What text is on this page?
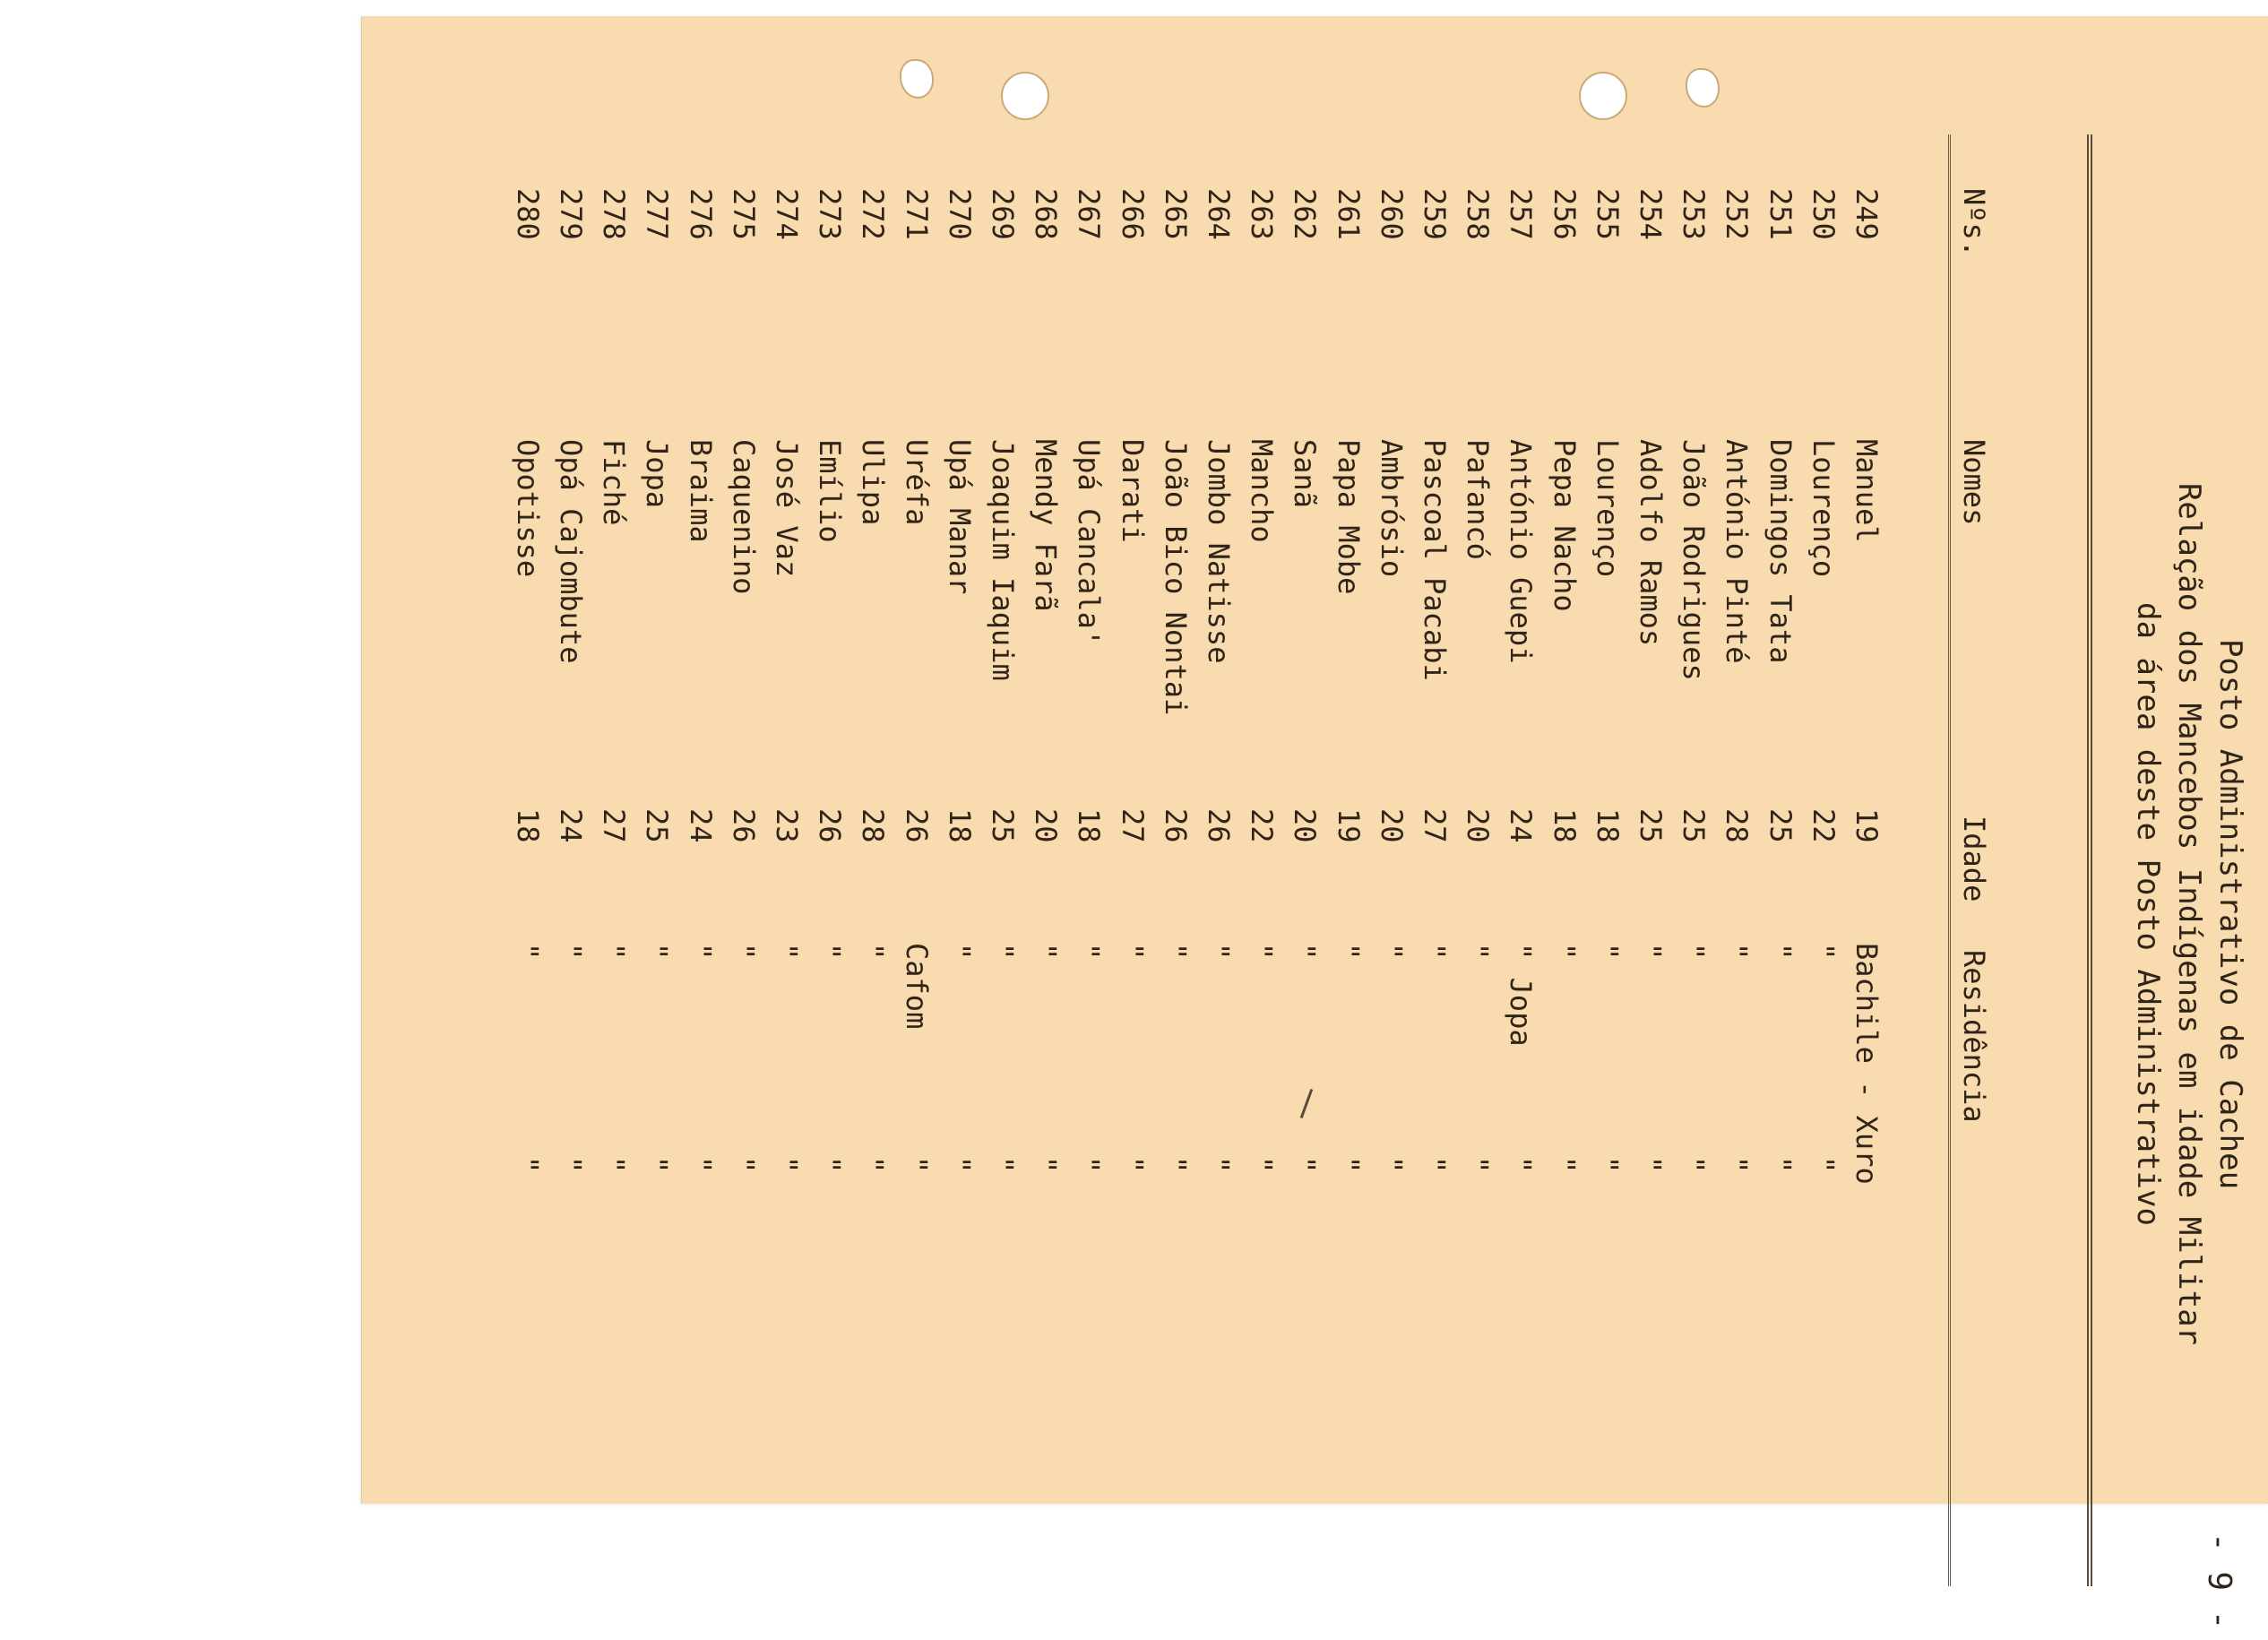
- 9 -
Posto Administrativo de Cacheu
Relação dos Mancebos Indígenas em idade Militar
da área deste Posto Administrativo
Nºs.
Nomes
Idade
Residência
249
Manuel
19
Bachile - Xuro
250
Lourenço
22
"
"
251
Domingos Tata
25
"
"
252
António Pinté
28
"
"
253
João Rodrigues
25
"
"
254
Adolfo Ramos
25
"
"
255
Lourenço
18
"
"
256
Pepa Nacho
18
"
"
257
António Guepi
24
" Jopa
"
258
Pafancó
20
"
"
259
Pascoal Pacabi
27
"
"
260
Ambrósio
20
"
"
261
Papa Mobe
19
"
"
262
Sanã
20
"
"
263
Mancho
22
"
"
264
Jombo Natisse
26
"
"
265
João Bico Nontai
26
"
"
266
Darati
27
"
"
267
Upá Cancala'
18
"
"
268
Mendy Farã
20
"
"
269
Joaquim Iaquim
25
"
"
270
Upá Manar
18
"
"
271
Uréfa
26
Cafom
"
272
Ulipa
28
"
"
273
Emílio
26
"
"
274
José Vaz
23
"
"
275
Caquenino
26
"
"
276
Braima
24
"
"
277
Jopa
25
"
"
278
Fiché
27
"
"
279
Opá Cajombute
24
"
"
280
Opotisse
18
"
"
